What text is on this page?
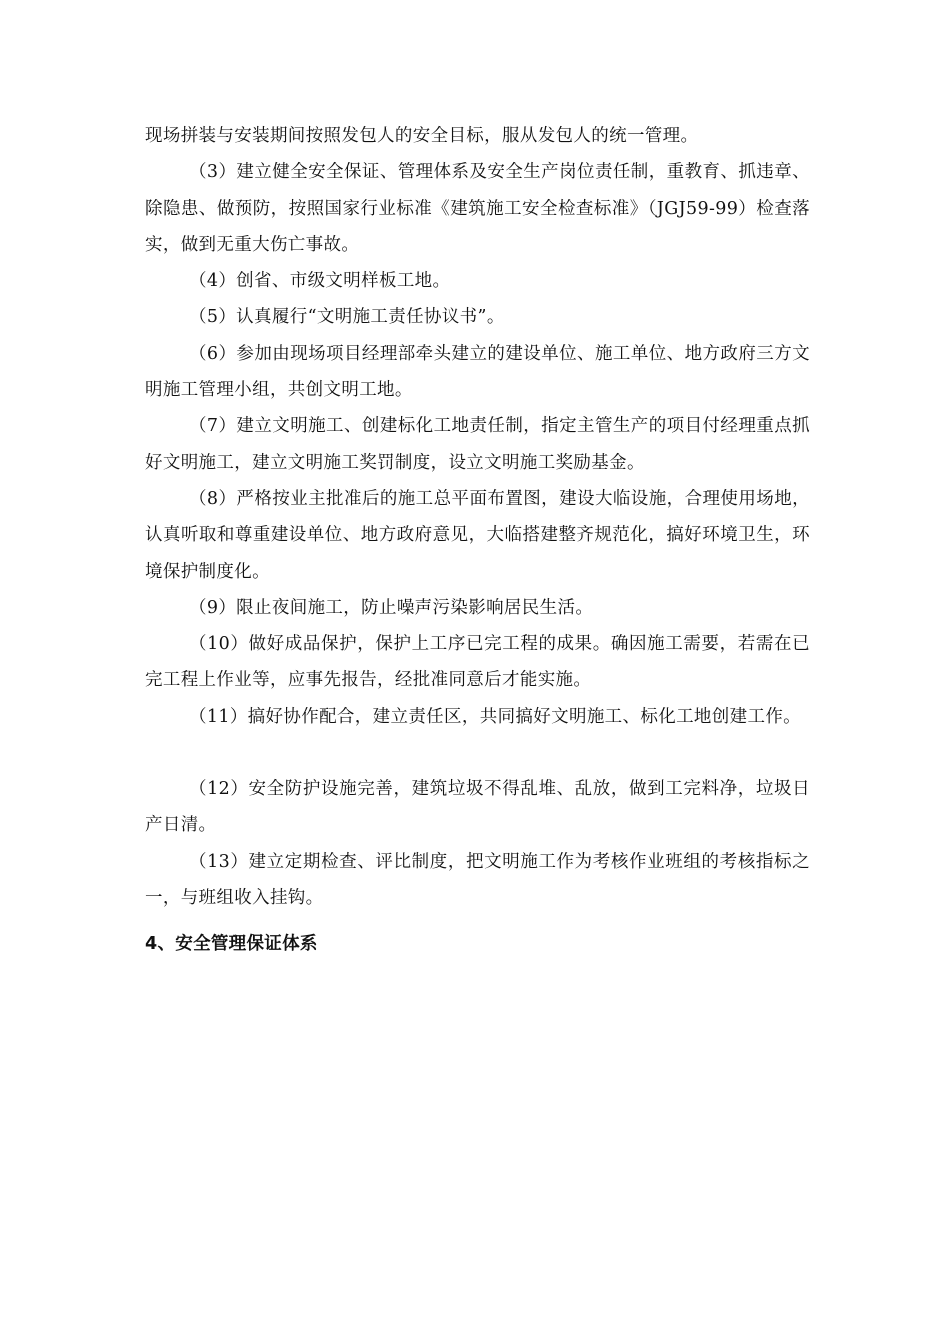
现场拼装与安装期间按照发包人的安全目标，服从发包人的统一管理。

（3）建立健全安全保证、管理体系及安全生产岗位责任制，重教育、抓违章、除隐患、做预防，按照国家行业标准《建筑施工安全检查标准》（JGJ59-99）检查落实，做到无重大伤亡事故。

（4）创省、市级文明样板工地。

（5）认真履行“文明施工责任协议书”。

（6）参加由现场项目经理部牵头建立的建设单位、施工单位、地方政府三方文明施工管理小组，共创文明工地。

（7）建立文明施工、创建标化工地责任制，指定主管生产的项目付经理重点抓好文明施工，建立文明施工奖罚制度，设立文明施工奖励基金。

（8）严格按业主批准后的施工总平面布置图，建设大临设施，合理使用场地，认真听取和尊重建设单位、地方政府意见，大临搭建整齐规范化，搞好环境卫生，环境保护制度化。

（9）限止夜间施工，防止噪声污染影响居民生活。

（10）做好成品保护，保护上工序已完工程的成果。确因施工需要，若需在已完工程上作业等，应事先报告，经批准同意后才能实施。

（11）搞好协作配合，建立责任区，共同搞好文明施工、标化工地创建工作。

（12）安全防护设施完善，建筑垃圾不得乱堆、乱放，做到工完料净，垃圾日产日清。

（13）建立定期检查、评比制度，把文明施工作为考核作业班组的考核指标之一，与班组收入挂钩。

4、安全管理保证体系
